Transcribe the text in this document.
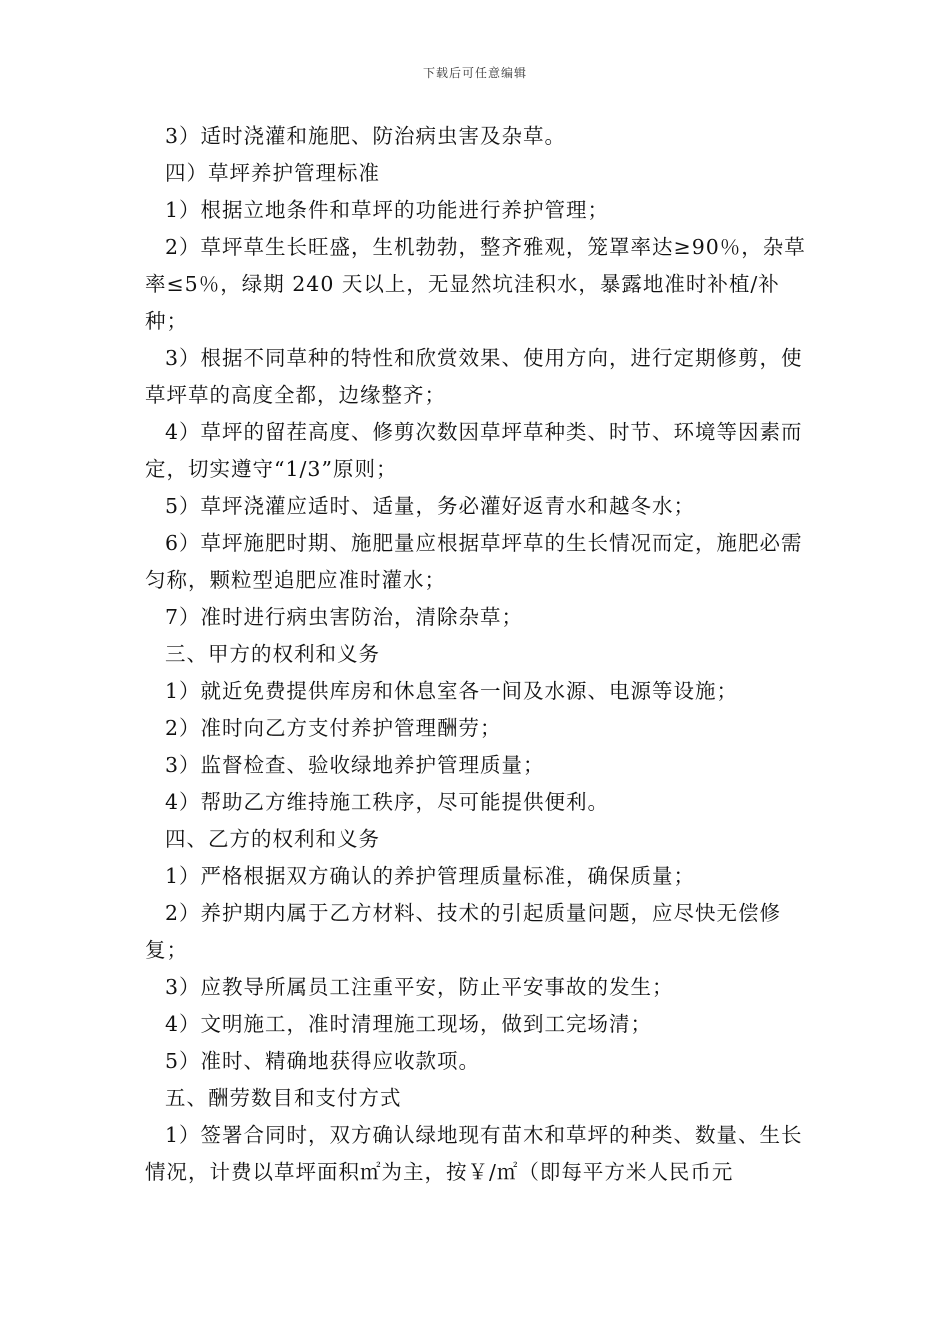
下载后可任意编辑

3）适时浇灌和施肥、防治病虫害及杂草。

四）草坪养护管理标准

1）根据立地条件和草坪的功能进行养护管理；

2）草坪草生长旺盛，生机勃勃，整齐雅观，笼罩率达≥90％，杂草率≤5％，绿期 240 天以上，无显然坑洼积水，暴露地准时补植/补种；

3）根据不同草种的特性和欣赏效果、使用方向，进行定期修剪，使草坪草的高度全都，边缘整齐；

4）草坪的留茬高度、修剪次数因草坪草种类、时节、环境等因素而定，切实遵守“1/3”原则；

5）草坪浇灌应适时、适量，务必灌好返青水和越冬水；

6）草坪施肥时期、施肥量应根据草坪草的生长情况而定，施肥必需匀称，颗粒型追肥应准时灌水；

7）准时进行病虫害防治，清除杂草；

三、甲方的权利和义务

1）就近免费提供库房和休息室各一间及水源、电源等设施；

2）准时向乙方支付养护管理酬劳；

3）监督检查、验收绿地养护管理质量；

4）帮助乙方维持施工秩序，尽可能提供便利。

四、乙方的权利和义务

1）严格根据双方确认的养护管理质量标准，确保质量；

2）养护期内属于乙方材料、技术的引起质量问题，应尽快无偿修复；

3）应教导所属员工注重平安，防止平安事故的发生；

4）文明施工，准时清理施工现场，做到工完场清；

5）准时、精确地获得应收款项。

五、酬劳数目和支付方式

1）签署合同时，双方确认绿地现有苗木和草坪的种类、数量、生长情况，计费以草坪面积㎡为主，按￥/㎡（即每平方米人民币元
